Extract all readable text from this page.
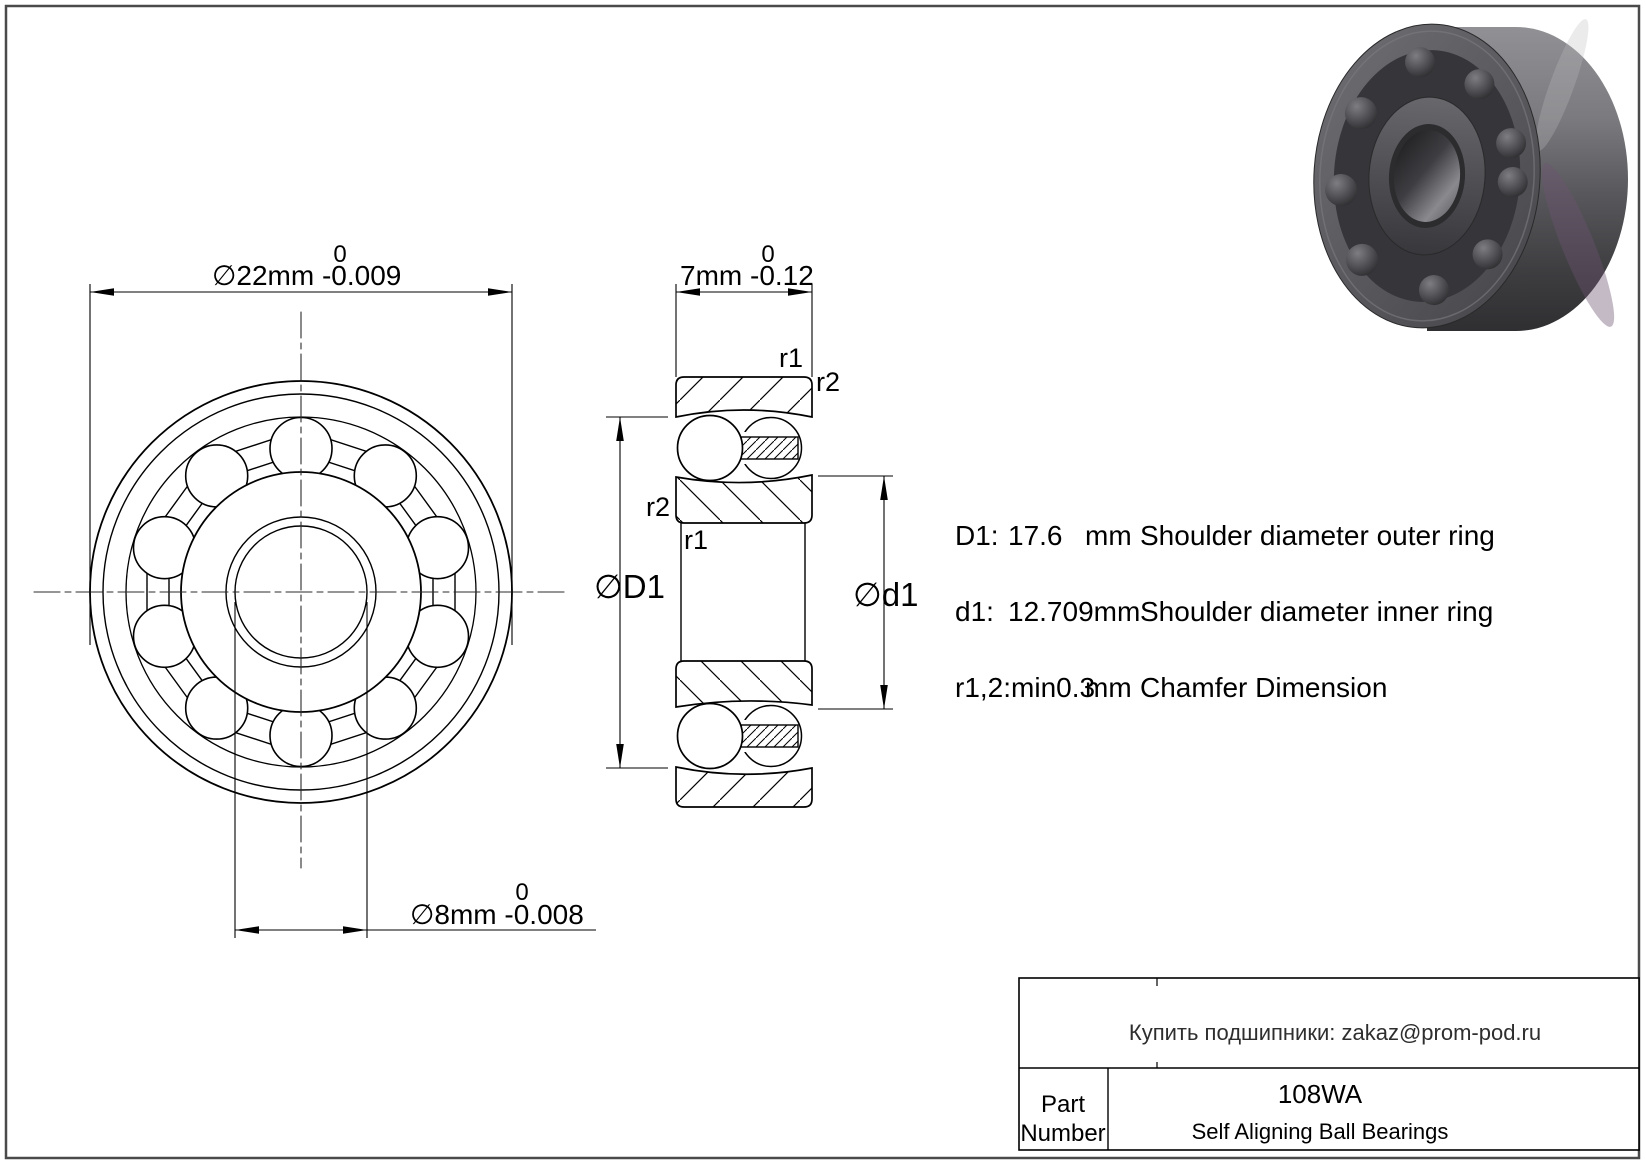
0
∅22mm -0.009
0
∅8mm -0.008
0
7mm -0.12
∅D1	∅d1
r1
r2
r2
r1	D1: 17.6 mm Shoulder diameter outer ring
d1: 12.709mm Shoulder diameter inner ring
r1,2:min0.3
mm Chamfer Dimension
Купить подшипники: zakaz@prom-pod.ru
Part
Number
108WA
Self Aligning Ball Bearings
